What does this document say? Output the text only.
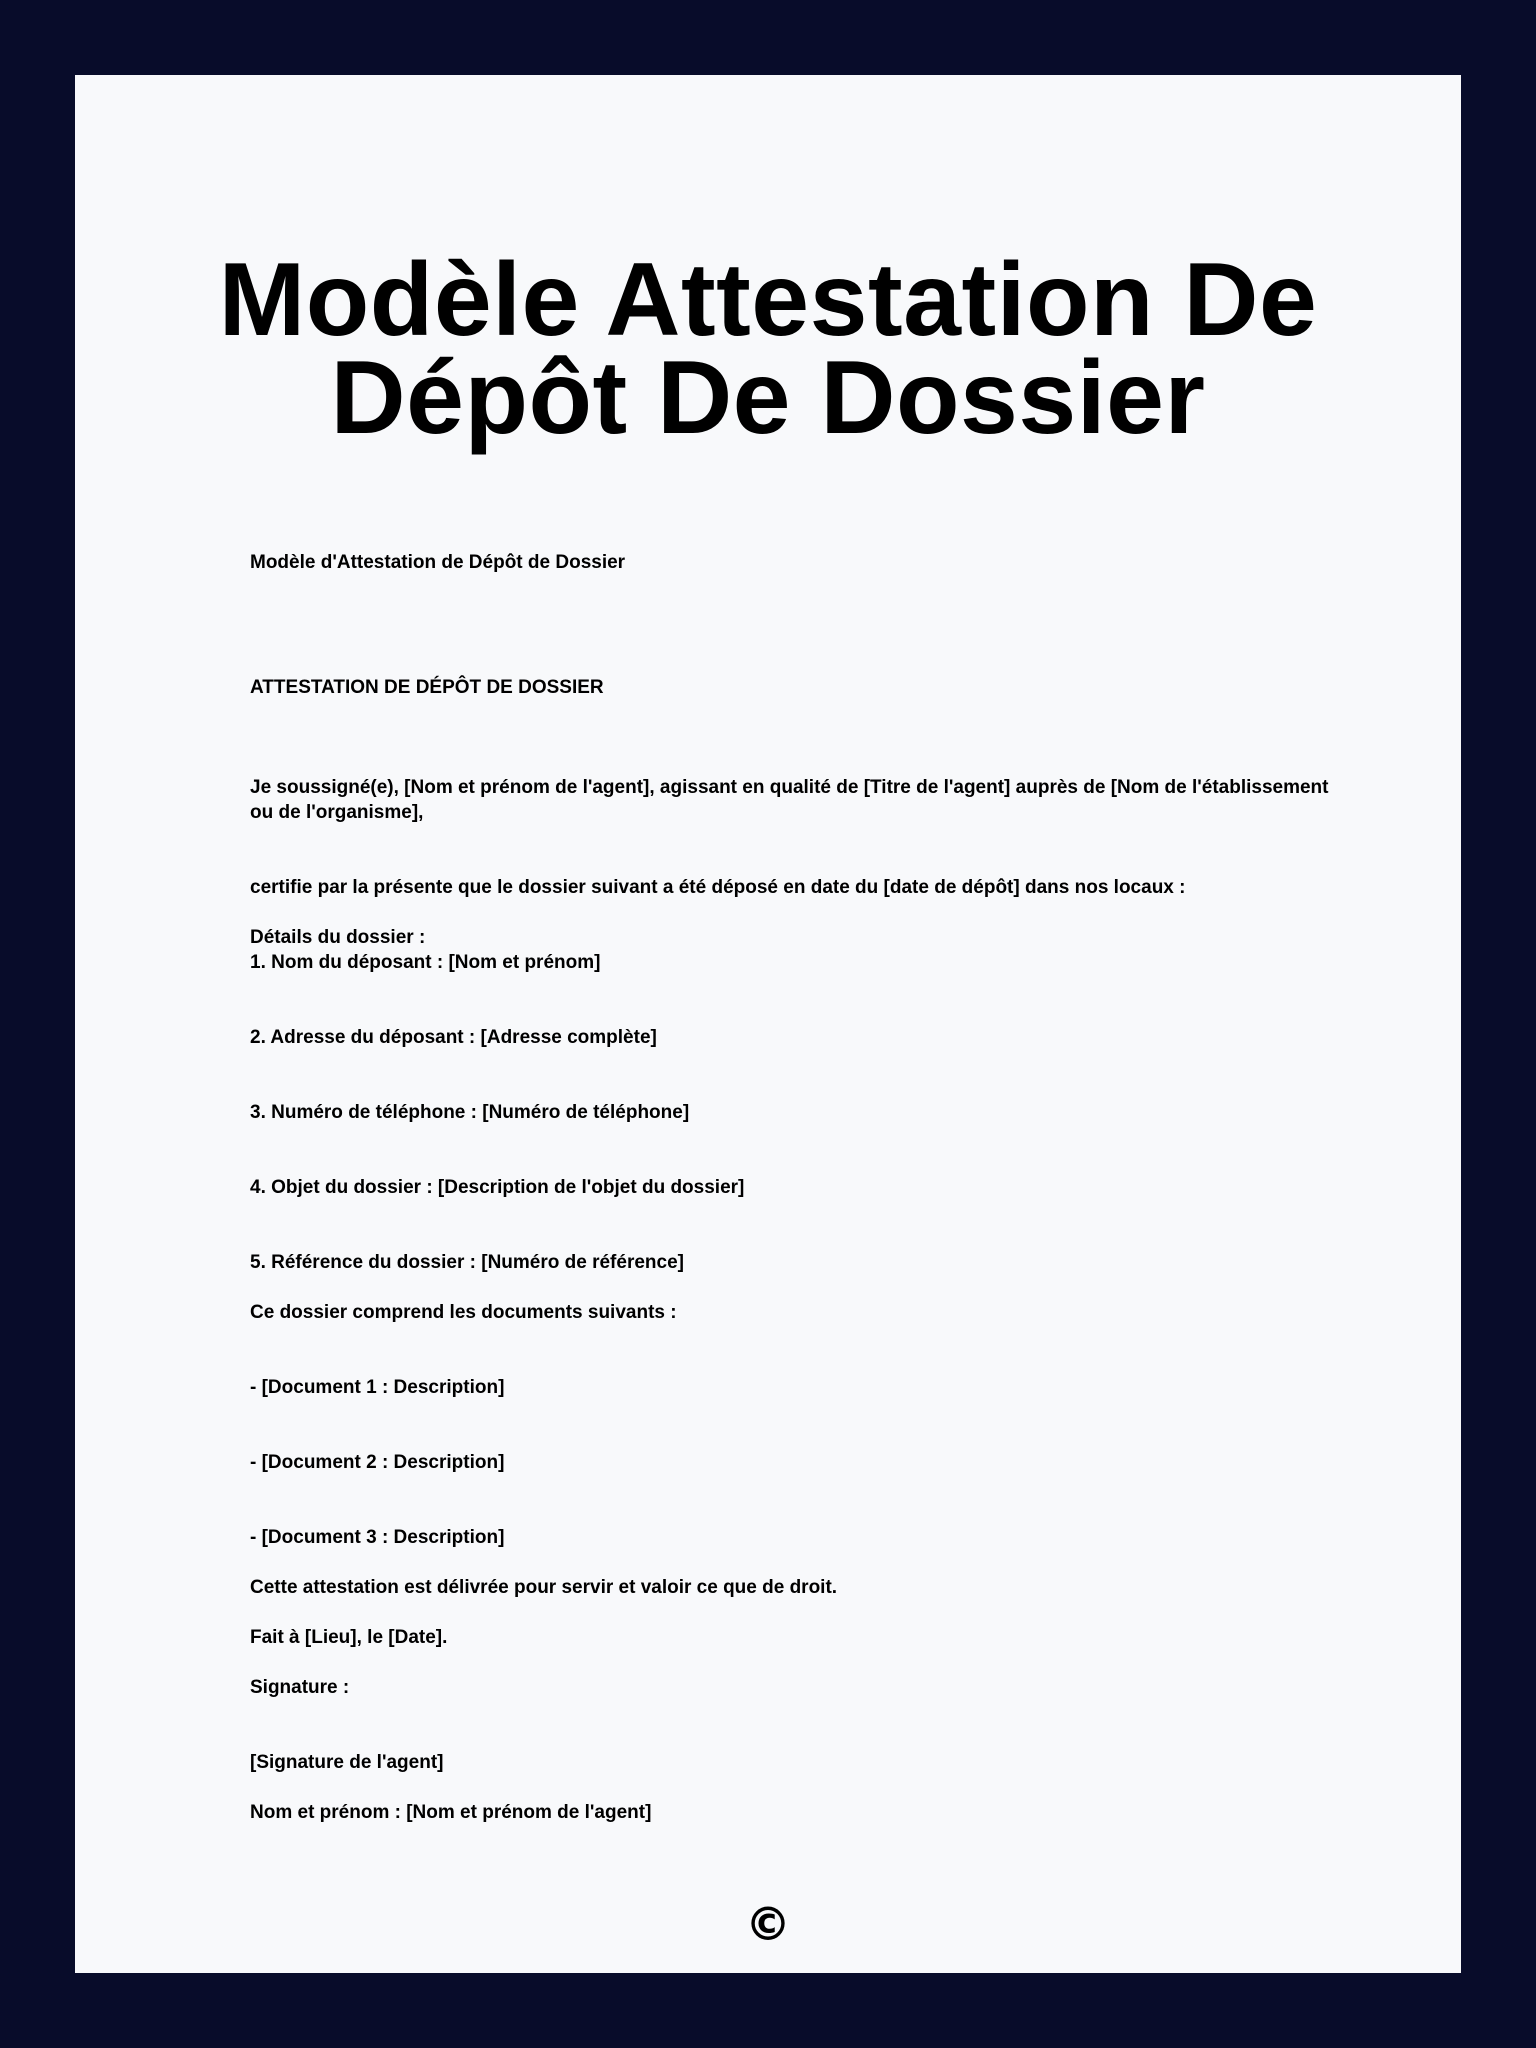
Modèle Attestation De Dépôt De Dossier

Modèle d'Attestation de Dépôt de Dossier

ATTESTATION DE DÉPÔT DE DOSSIER

Je soussigné(e), [Nom et prénom de l'agent], agissant en qualité de [Titre de l'agent] auprès de [Nom de l'établissement ou de l'organisme],

certifie par la présente que le dossier suivant a été déposé en date du [date de dépôt] dans nos locaux :

Détails du dossier :

1. Nom du déposant : [Nom et prénom]

2. Adresse du déposant : [Adresse complète]

3. Numéro de téléphone : [Numéro de téléphone]

4. Objet du dossier : [Description de l'objet du dossier]

5. Référence du dossier : [Numéro de référence]

Ce dossier comprend les documents suivants :

- [Document 1 : Description]

- [Document 2 : Description]

- [Document 3 : Description]

Cette attestation est délivrée pour servir et valoir ce que de droit.

Fait à [Lieu], le [Date].

Signature :

[Signature de l'agent]

Nom et prénom : [Nom et prénom de l'agent]

©
